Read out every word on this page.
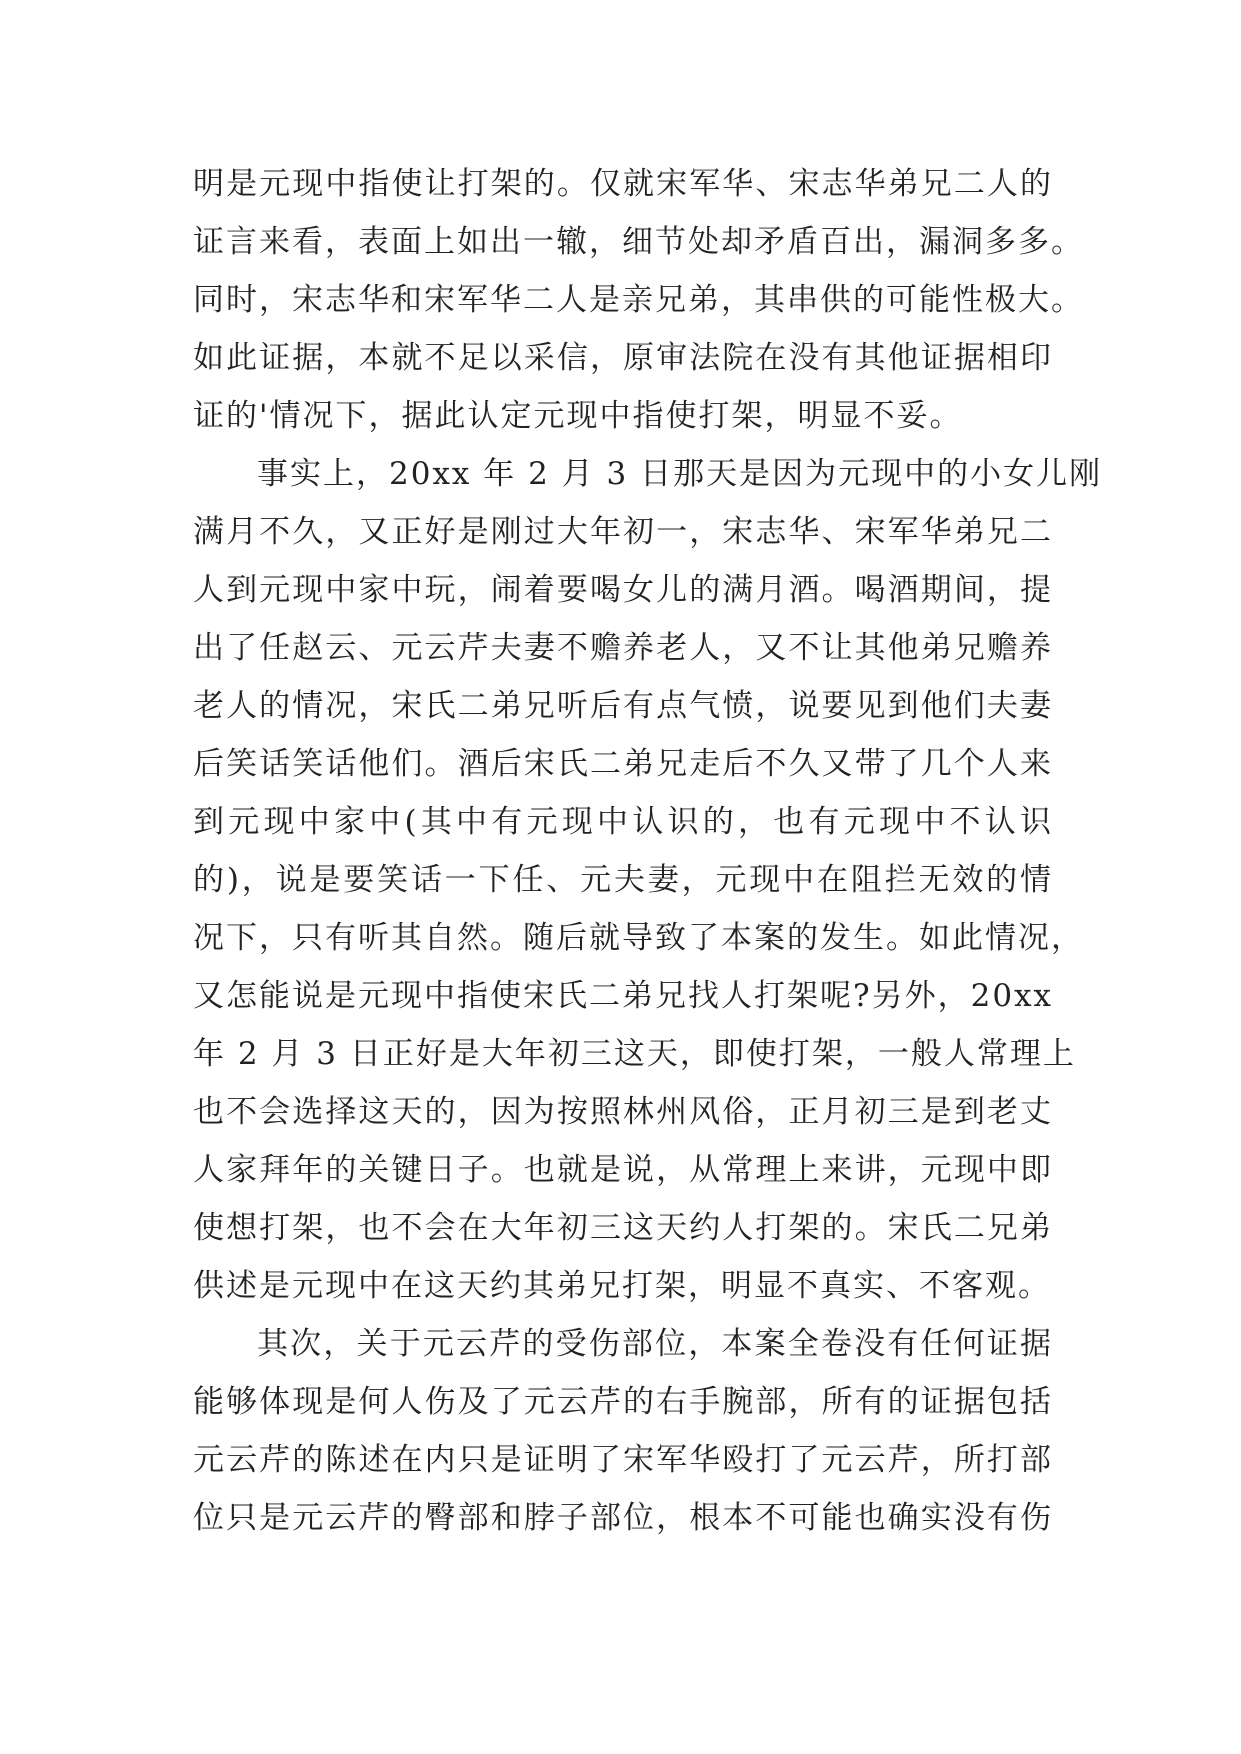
明是元现中指使让打架的。仅就宋军华、宋志华弟兄二人的
证言来看，表面上如出一辙，细节处却矛盾百出，漏洞多多。
同时，宋志华和宋军华二人是亲兄弟，其串供的可能性极大。
如此证据，本就不足以采信，原审法院在没有其他证据相印
证的'情况下，据此认定元现中指使打架，明显不妥。
事实上，20xx 年 2 月 3 日那天是因为元现中的小女儿刚
满月不久，又正好是刚过大年初一，宋志华、宋军华弟兄二
人到元现中家中玩，闹着要喝女儿的满月酒。喝酒期间，提
出了任赵云、元云芹夫妻不赡养老人，又不让其他弟兄赡养
老人的情况，宋氏二弟兄听后有点气愤，说要见到他们夫妻
后笑话笑话他们。酒后宋氏二弟兄走后不久又带了几个人来
到元现中家中(其中有元现中认识的，也有元现中不认识
的)，说是要笑话一下任、元夫妻，元现中在阻拦无效的情
况下，只有听其自然。随后就导致了本案的发生。如此情况，
又怎能说是元现中指使宋氏二弟兄找人打架呢?另外，20xx
年 2 月 3 日正好是大年初三这天，即使打架，一般人常理上
也不会选择这天的，因为按照林州风俗，正月初三是到老丈
人家拜年的关键日子。也就是说，从常理上来讲，元现中即
使想打架，也不会在大年初三这天约人打架的。宋氏二兄弟
供述是元现中在这天约其弟兄打架，明显不真实、不客观。
其次，关于元云芹的受伤部位，本案全卷没有任何证据
能够体现是何人伤及了元云芹的右手腕部，所有的证据包括
元云芹的陈述在内只是证明了宋军华殴打了元云芹，所打部
位只是元云芹的臀部和脖子部位，根本不可能也确实没有伤
